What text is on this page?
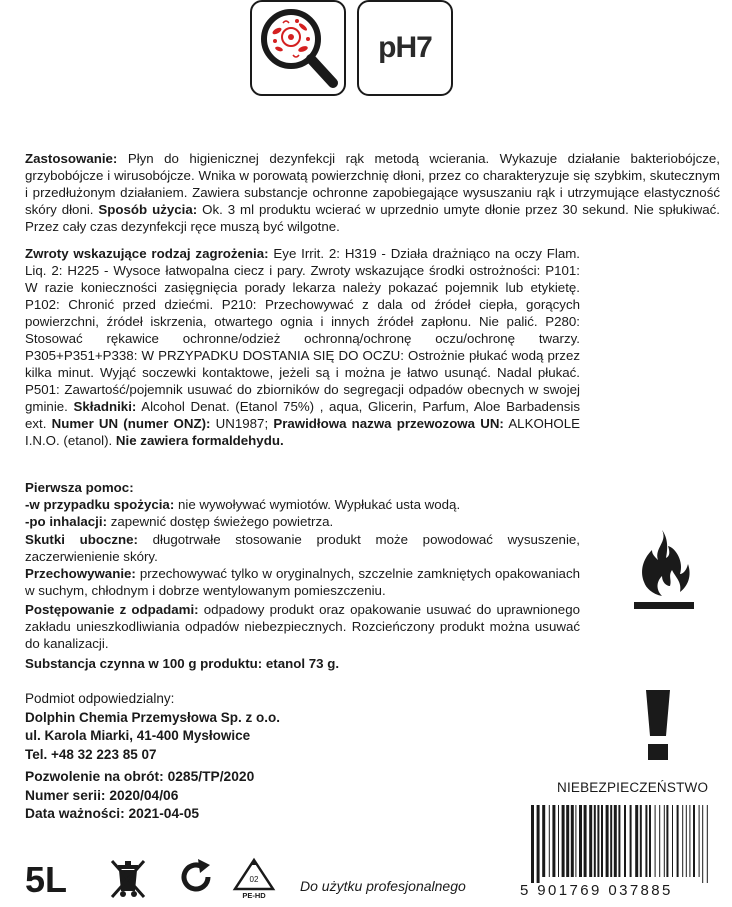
pH7

Zastosowanie: Płyn do higienicznej dezynfekcji rąk metodą wcierania. Wykazuje działanie bakteriobójcze, grzybobójcze i wirusobójcze. Wnika w porowatą powierzchnię dłoni, przez co charakteryzuje się szybkim, skutecznym i przedłużonym działaniem. Zawiera substancje ochronne zapobiegające wysuszaniu rąk i utrzymujące elastyczność skóry dłoni. Sposób użycia: Ok. 3 ml produktu wcierać w uprzednio umyte dłonie przez 30 sekund. Nie spłukiwać. Przez cały czas dezynfekcji ręce muszą być wilgotne.

Zwroty wskazujące rodzaj zagrożenia: Eye Irrit. 2: H319 - Działa drażniąco na oczy Flam. Liq. 2: H225 - Wysoce łatwopalna ciecz i pary. Zwroty wskazujące środki ostrożności: P101: W razie konieczności zasięgnięcia porady lekarza należy pokazać pojemnik lub etykietę. P102: Chronić przed dziećmi. P210: Przechowywać z dala od źródeł ciepła, gorących powierzchni, źródeł iskrzenia, otwartego ognia i innych źródeł zapłonu. Nie palić. P280: Stosować rękawice ochronne/odzież ochronną/ochronę oczu/ochronę twarzy. P305+P351+P338: W PRZYPADKU DOSTANIA SIĘ DO OCZU: Ostrożnie płukać wodą przez kilka minut. Wyjąć soczewki kontaktowe, jeżeli są i można je łatwo usunąć. Nadal płukać. P501: Zawartość/pojemnik usuwać do zbiorników do segregacji odpadów obecnych w swojej gminie. Składniki: Alcohol Denat. (Etanol 75%) , aqua, Glicerin, Parfum, Aloe Barbadensis ext. Numer UN (numer ONZ): UN1987; Prawidłowa nazwa przewozowa UN: ALKOHOLE I.N.O. (etanol). Nie zawiera formaldehydu.

Pierwsza pomoc:
-w przypadku spożycia: nie wywoływać wymiotów. Wypłukać usta wodą.
-po inhalacji: zapewnić dostęp świeżego powietrza.

Skutki uboczne: długotrwałe stosowanie produkt może powodować wysuszenie, zaczerwienienie skóry.

Przechowywanie: przechowywać tylko w oryginalnych, szczelnie zamkniętych opakowaniach w suchym, chłodnym i dobrze wentylowanym pomieszczeniu.

Postępowanie z odpadami: odpadowy produkt oraz opakowanie usuwać do uprawnionego zakładu unieszkodliwiania odpadów niebezpiecznych. Rozcieńczony produkt można usuwać do kanalizacji.

Substancja czynna w 100 g produktu: etanol 73 g.

Podmiot odpowiedzialny:
Dolphin Chemia Przemysłowa Sp. z o.o.
ul. Karola Miarki, 41-400 Mysłowice
Tel. +48 32 223 85 07
Pozwolenie na obrót: 0285/TP/2020
Numer serii: 2020/04/06
Data ważności: 2021-04-05
5L	02
PE-HD
Do użytku profesjonalnego
NIEBEZPIECZEŃSTWO
5 901769 037885
